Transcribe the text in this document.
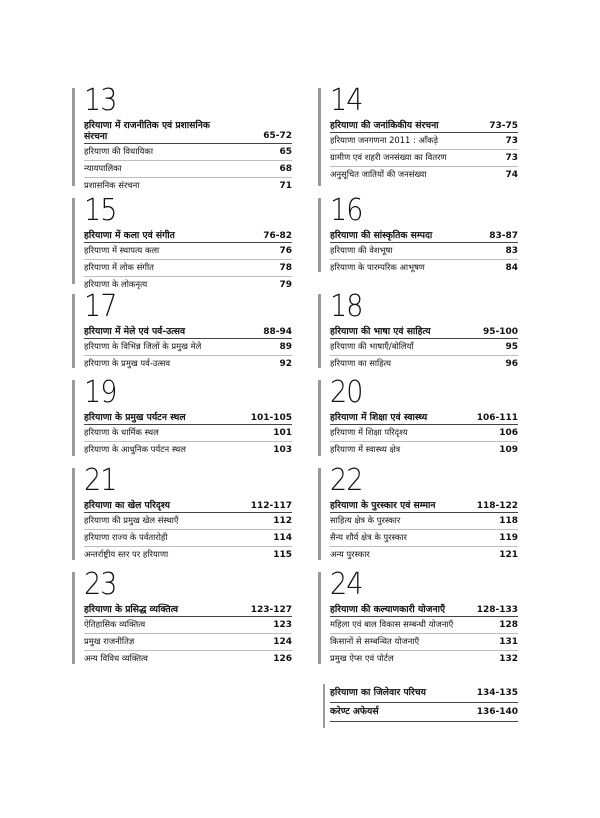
13
हरियाणा में राजनीतिक एवं प्रशासनिक संरचना	65-72
हरियाणा की विधायिका	65
न्यायपालिका	68
प्रशासनिक संरचना	71
14
हरियाणा की जनांकिकीय संरचना	73-75
हरियाणा जनगणना 2011 : आँकड़े	73
ग्रामीण एवं शहरी जनसंख्या का वितरण	73
अनुसूचित जातियों की जनसंख्या	74
15
हरियाणा में कला एवं संगीत	76-82
हरियाणा में स्थापत्य कला	76
हरियाणा में लोक संगीत	78
हरियाणा के लोकनृत्य	79
16
हरियाणा की सांस्कृतिक सम्पदा	83-87
हरियाणा की वेशभूषा	83
हरियाणा के पारम्परिक आभूषण	84
17
हरियाणा में मेले एवं पर्व-उत्सव	88-94
हरियाणा के विभिन्न जिलों के प्रमुख मेले	89
हरियाणा के प्रमुख पर्व-उत्सव	92
18
हरियाणा की भाषा एवं साहित्य	95-100
हरियाणा की भाषाएँ/बोलियाँ	95
हरियाणा का साहित्य	96
19
हरियाणा के प्रमुख पर्यटन स्थल	101-105
हरियाणा के धार्मिक स्थल	101
हरियाणा के आधुनिक पर्यटन स्थल	103
20
हरियाणा में शिक्षा एवं स्वास्थ्य	106-111
हरियाणा में शिक्षा परिदृश्य	106
हरियाणा में स्वास्थ्य क्षेत्र	109
21
हरियाणा का खेल परिदृश्य	112-117
हरियाणा की प्रमुख खेल संस्थाएँ	112
हरियाणा राज्य के पर्वतारोही	114
अन्तर्राष्ट्रीय स्तर पर हरियाणा	115
22
हरियाणा के पुरस्कार एवं सम्मान	118-122
साहित्य क्षेत्र के पुरस्कार	118
सैन्य शौर्य क्षेत्र के पुरस्कार	119
अन्य पुरस्कार	121
23
हरियाणा के प्रसिद्ध व्यक्तित्व	123-127
ऐतिहासिक व्यक्तित्व	123
प्रमुख राजनीतिज्ञ	124
अन्य विविध व्यक्तित्व	126
24
हरियाणा की कल्याणकारी योजनाएँ	128-133
महिला एवं बाल विकास सम्बन्धी योजनाएँ	128
किसानों से सम्बन्धित योजनाएँ	131
प्रमुख ऐप्स एवं पोर्टल	132
हरियाणा का जिलेवार परिचय	134-135
करेण्ट अफेयर्स	136-140
